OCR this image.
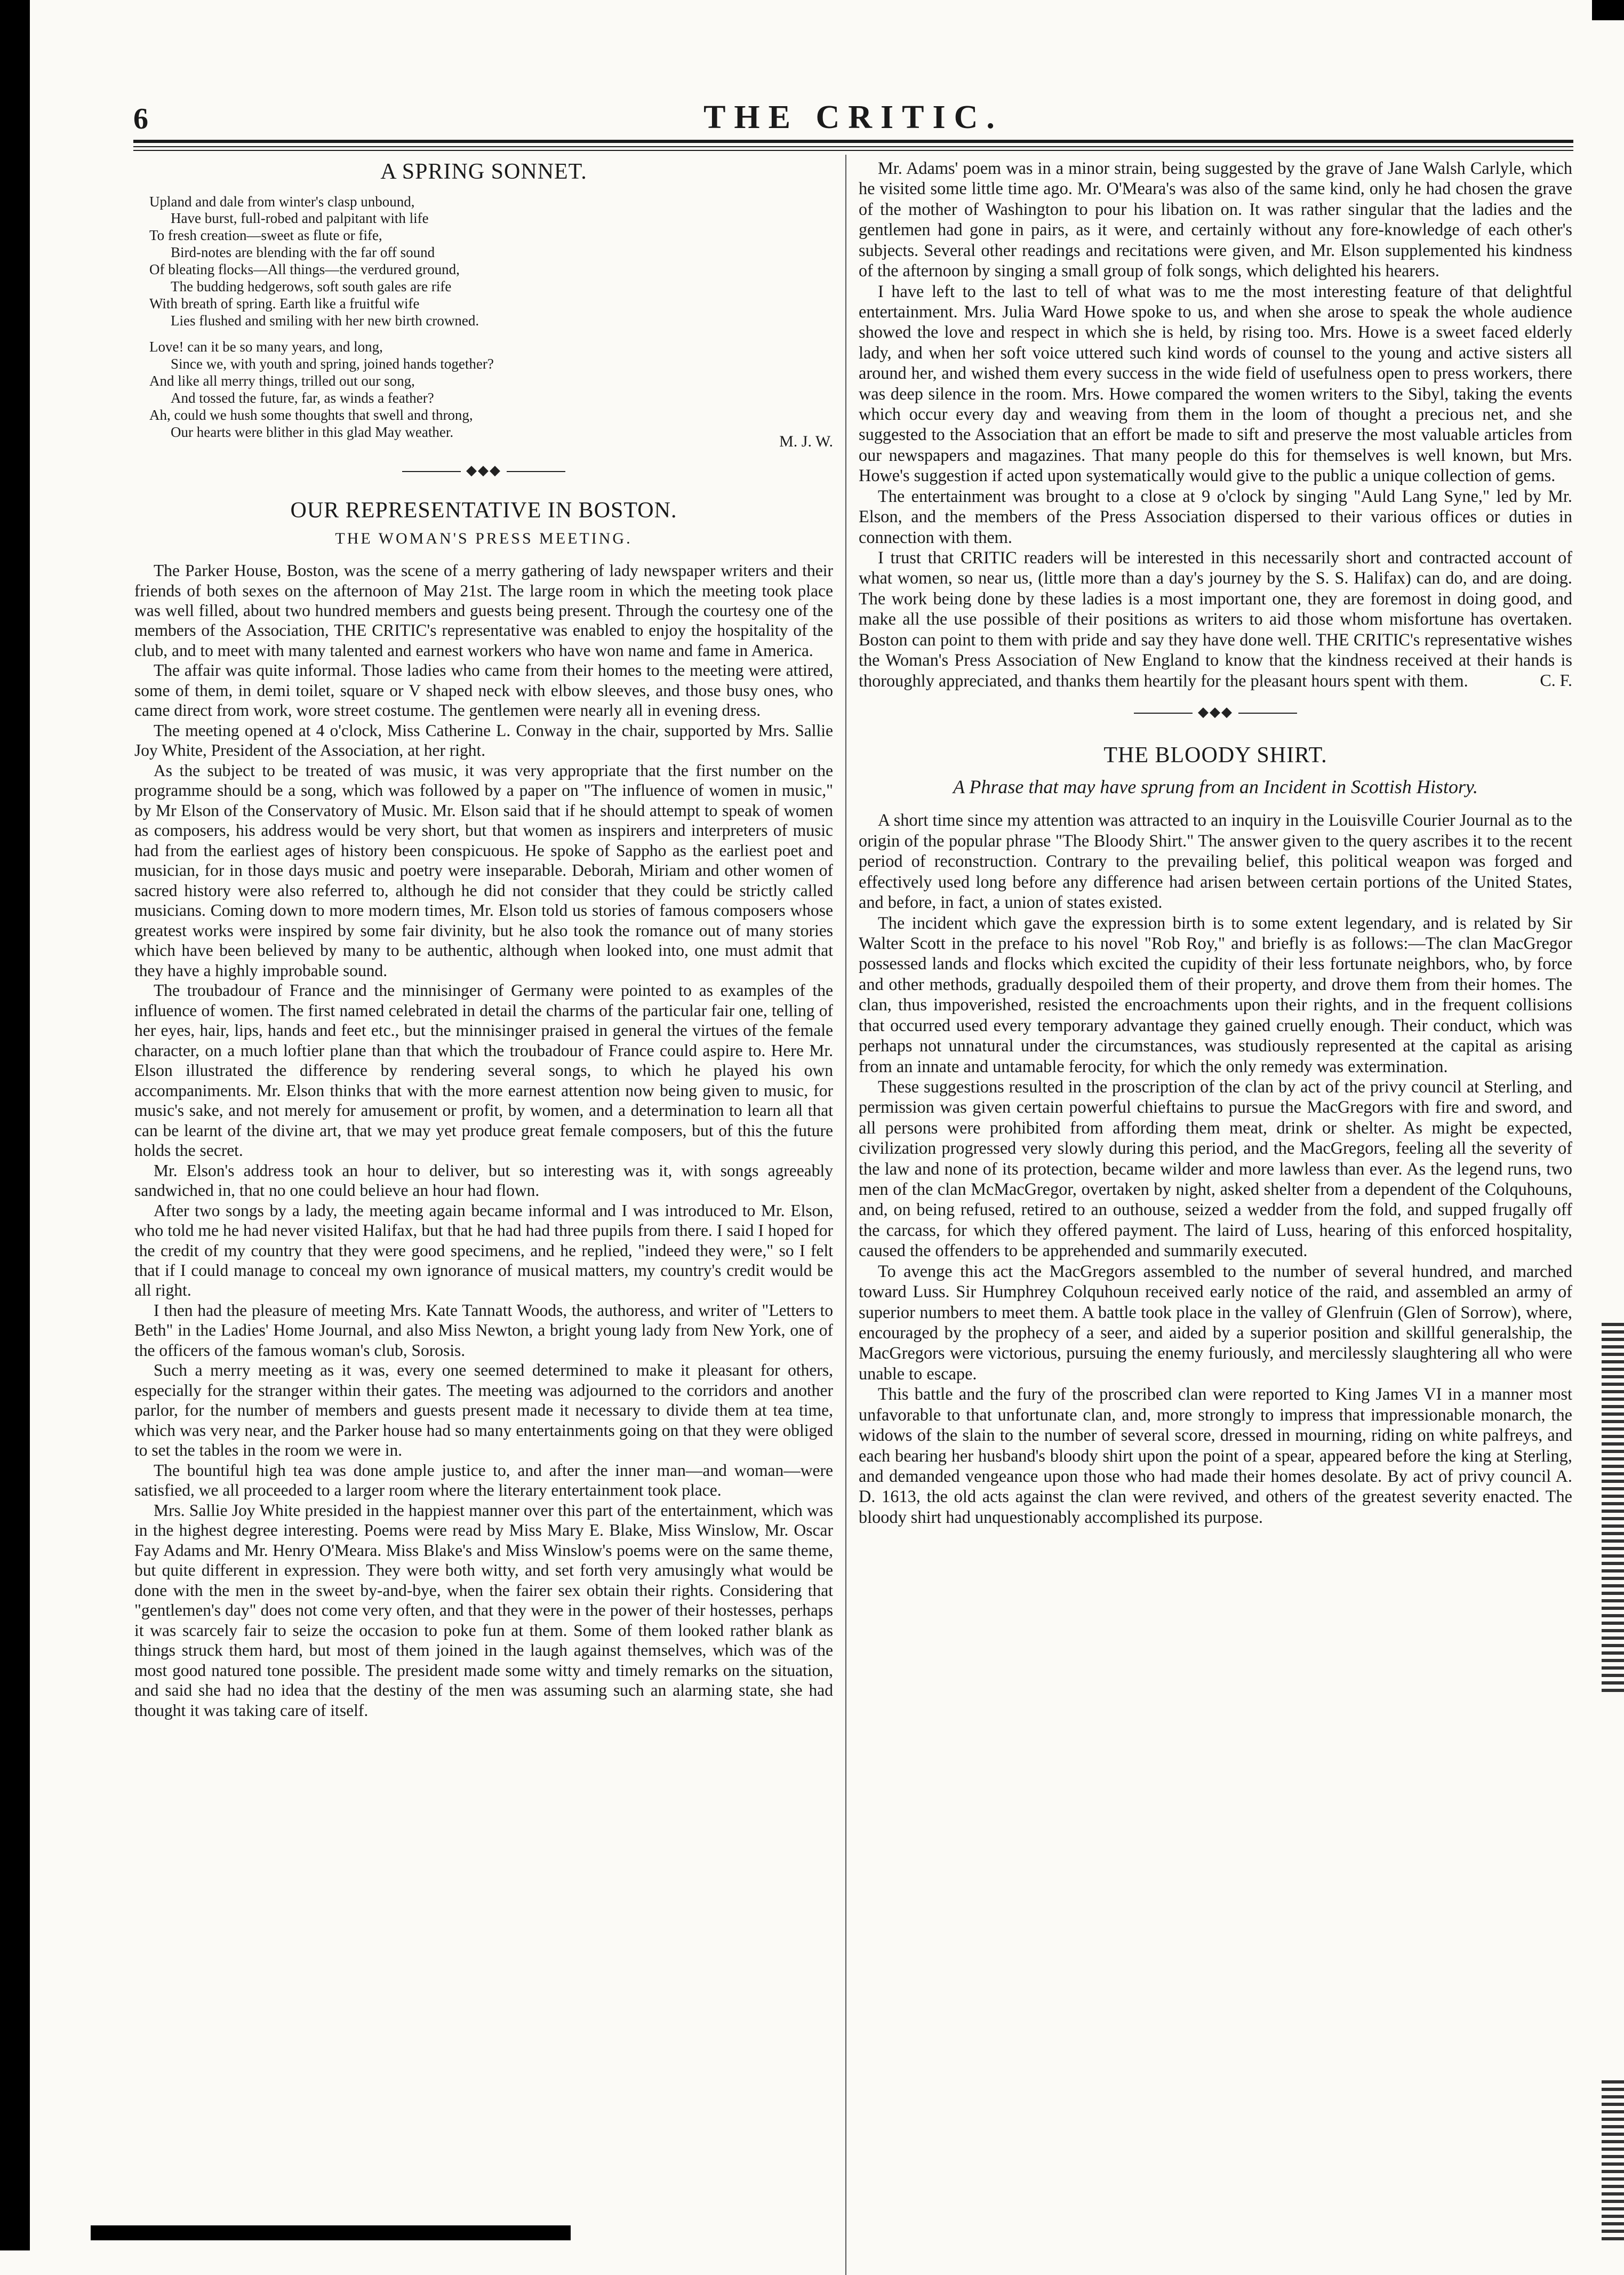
6	THE CRITIC.
A SPRING SONNET.
Upland and dale from winter's clasp unbound,
Have burst, full-robed and palpitant with life
To fresh creation—sweet as flute or fife,
Bird-notes are blending with the far off sound
Of bleating flocks—All things—the verdured ground,
The budding hedgerows, soft south gales are rife
With breath of spring. Earth like a fruitful wife
Lies flushed and smiling with her new birth crowned.
Love! can it be so many years, and long,
Since we, with youth and spring, joined hands together?
And like all merry things, trilled out our song,
And tossed the future, far, as winds a feather?
Ah, could we hush some thoughts that swell and throng,
Our hearts were blither in this glad May weather.
M. J. W.
◆◆◆
OUR REPRESENTATIVE IN BOSTON.
THE WOMAN'S PRESS MEETING.

The Parker House, Boston, was the scene of a merry gathering of lady newspaper writers and their friends of both sexes on the afternoon of May 21st. The large room in which the meeting took place was well filled, about two hundred members and guests being present. Through the courtesy one of the members of the Association, THE CRITIC's representative was enabled to enjoy the hospitality of the club, and to meet with many talented and earnest workers who have won name and fame in America.

The affair was quite informal. Those ladies who came from their homes to the meeting were attired, some of them, in demi toilet, square or V shaped neck with elbow sleeves, and those busy ones, who came direct from work, wore street costume. The gentlemen were nearly all in evening dress.

The meeting opened at 4 o'clock, Miss Catherine L. Conway in the chair, supported by Mrs. Sallie Joy White, President of the Association, at her right.

As the subject to be treated of was music, it was very appropriate that the first number on the programme should be a song, which was followed by a paper on "The influence of women in music," by Mr Elson of the Conservatory of Music. Mr. Elson said that if he should attempt to speak of women as composers, his address would be very short, but that women as inspirers and interpreters of music had from the earliest ages of history been conspicuous. He spoke of Sappho as the earliest poet and musician, for in those days music and poetry were inseparable. Deborah, Miriam and other women of sacred history were also referred to, although he did not consider that they could be strictly called musicians. Coming down to more modern times, Mr. Elson told us stories of famous composers whose greatest works were inspired by some fair divinity, but he also took the romance out of many stories which have been believed by many to be authentic, although when looked into, one must admit that they have a highly improbable sound.

The troubadour of France and the minnisinger of Germany were pointed to as examples of the influence of women. The first named celebrated in detail the charms of the particular fair one, telling of her eyes, hair, lips, hands and feet etc., but the minnisinger praised in general the virtues of the female character, on a much loftier plane than that which the troubadour of France could aspire to. Here Mr. Elson illustrated the difference by rendering several songs, to which he played his own accompaniments. Mr. Elson thinks that with the more earnest attention now being given to music, for music's sake, and not merely for amusement or profit, by women, and a determination to learn all that can be learnt of the divine art, that we may yet produce great female composers, but of this the future holds the secret.

Mr. Elson's address took an hour to deliver, but so interesting was it, with songs agreeably sandwiched in, that no one could believe an hour had flown.

After two songs by a lady, the meeting again became informal and I was introduced to Mr. Elson, who told me he had never visited Halifax, but that he had had three pupils from there. I said I hoped for the credit of my country that they were good specimens, and he replied, "indeed they were," so I felt that if I could manage to conceal my own ignorance of musical matters, my country's credit would be all right.

I then had the pleasure of meeting Mrs. Kate Tannatt Woods, the authoress, and writer of "Letters to Beth" in the Ladies' Home Journal, and also Miss Newton, a bright young lady from New York, one of the officers of the famous woman's club, Sorosis.

Such a merry meeting as it was, every one seemed determined to make it pleasant for others, especially for the stranger within their gates. The meeting was adjourned to the corridors and another parlor, for the number of members and guests present made it necessary to divide them at tea time, which was very near, and the Parker house had so many entertainments going on that they were obliged to set the tables in the room we were in.

The bountiful high tea was done ample justice to, and after the inner man—and woman—were satisfied, we all proceeded to a larger room where the literary entertainment took place.

Mrs. Sallie Joy White presided in the happiest manner over this part of the entertainment, which was in the highest degree interesting. Poems were read by Miss Mary E. Blake, Miss Winslow, Mr. Oscar Fay Adams and Mr. Henry O'Meara. Miss Blake's and Miss Winslow's poems were on the same theme, but quite different in expression. They were both witty, and set forth very amusingly what would be done with the men in the sweet by-and-bye, when the fairer sex obtain their rights. Considering that "gentlemen's day" does not come very often, and that they were in the power of their hostesses, perhaps it was scarcely fair to seize the occasion to poke fun at them. Some of them looked rather blank as things struck them hard, but most of them joined in the laugh against themselves, which was of the most good natured tone possible. The president made some witty and timely remarks on the situation, and said she had no idea that the destiny of the men was assuming such an alarming state, she had thought it was taking care of itself.

Mr. Adams' poem was in a minor strain, being suggested by the grave of Jane Walsh Carlyle, which he visited some little time ago. Mr. O'Meara's was also of the same kind, only he had chosen the grave of the mother of Washington to pour his libation on. It was rather singular that the ladies and the gentlemen had gone in pairs, as it were, and certainly without any fore-knowledge of each other's subjects. Several other readings and recitations were given, and Mr. Elson supplemented his kindness of the afternoon by singing a small group of folk songs, which delighted his hearers.

I have left to the last to tell of what was to me the most interesting feature of that delightful entertainment. Mrs. Julia Ward Howe spoke to us, and when she arose to speak the whole audience showed the love and respect in which she is held, by rising too. Mrs. Howe is a sweet faced elderly lady, and when her soft voice uttered such kind words of counsel to the young and active sisters all around her, and wished them every success in the wide field of usefulness open to press workers, there was deep silence in the room. Mrs. Howe compared the women writers to the Sibyl, taking the events which occur every day and weaving from them in the loom of thought a precious net, and she suggested to the Association that an effort be made to sift and preserve the most valuable articles from our newspapers and magazines. That many people do this for themselves is well known, but Mrs. Howe's suggestion if acted upon systematically would give to the public a unique collection of gems.

The entertainment was brought to a close at 9 o'clock by singing "Auld Lang Syne," led by Mr. Elson, and the members of the Press Association dispersed to their various offices or duties in connection with them.

I trust that CRITIC readers will be interested in this necessarily short and contracted account of what women, so near us, (little more than a day's journey by the S. S. Halifax) can do, and are doing. The work being done by these ladies is a most important one, they are foremost in doing good, and make all the use possible of their positions as writers to aid those whom misfortune has overtaken. Boston can point to them with pride and say they have done well. THE CRITIC's representative wishes the Woman's Press Association of New England to know that the kindness received at their hands is thoroughly appreciated, and thanks them heartily for the pleasant hours spent with them.	C. F.
◆◆◆
THE BLOODY SHIRT.
A Phrase that may have sprung from an Incident in Scottish History.

A short time since my attention was attracted to an inquiry in the Louisville Courier Journal as to the origin of the popular phrase "The Bloody Shirt." The answer given to the query ascribes it to the recent period of reconstruction. Contrary to the prevailing belief, this political weapon was forged and effectively used long before any difference had arisen between certain portions of the United States, and before, in fact, a union of states existed.

The incident which gave the expression birth is to some extent legendary, and is related by Sir Walter Scott in the preface to his novel "Rob Roy," and briefly is as follows:—The clan MacGregor possessed lands and flocks which excited the cupidity of their less fortunate neighbors, who, by force and other methods, gradually despoiled them of their property, and drove them from their homes. The clan, thus impoverished, resisted the encroachments upon their rights, and in the frequent collisions that occurred used every temporary advantage they gained cruelly enough. Their conduct, which was perhaps not unnatural under the circumstances, was studiously represented at the capital as arising from an innate and untamable ferocity, for which the only remedy was extermination.

These suggestions resulted in the proscription of the clan by act of the privy council at Sterling, and permission was given certain powerful chieftains to pursue the MacGregors with fire and sword, and all persons were prohibited from affording them meat, drink or shelter. As might be expected, civilization progressed very slowly during this period, and the MacGregors, feeling all the severity of the law and none of its protection, became wilder and more lawless than ever. As the legend runs, two men of the clan McMacGregor, overtaken by night, asked shelter from a dependent of the Colquhouns, and, on being refused, retired to an outhouse, seized a wedder from the fold, and supped frugally off the carcass, for which they offered payment. The laird of Luss, hearing of this enforced hospitality, caused the offenders to be apprehended and summarily executed.

To avenge this act the MacGregors assembled to the number of several hundred, and marched toward Luss. Sir Humphrey Colquhoun received early notice of the raid, and assembled an army of superior numbers to meet them. A battle took place in the valley of Glenfruin (Glen of Sorrow), where, encouraged by the prophecy of a seer, and aided by a superior position and skillful generalship, the MacGregors were victorious, pursuing the enemy furiously, and mercilessly slaughtering all who were unable to escape.

This battle and the fury of the proscribed clan were reported to King James VI in a manner most unfavorable to that unfortunate clan, and, more strongly to impress that impressionable monarch, the widows of the slain to the number of several score, dressed in mourning, riding on white palfreys, and each bearing her husband's bloody shirt upon the point of a spear, appeared before the king at Sterling, and demanded vengeance upon those who had made their homes desolate. By act of privy council A. D. 1613, the old acts against the clan were revived, and others of the greatest severity enacted. The bloody shirt had unquestionably accomplished its purpose.
